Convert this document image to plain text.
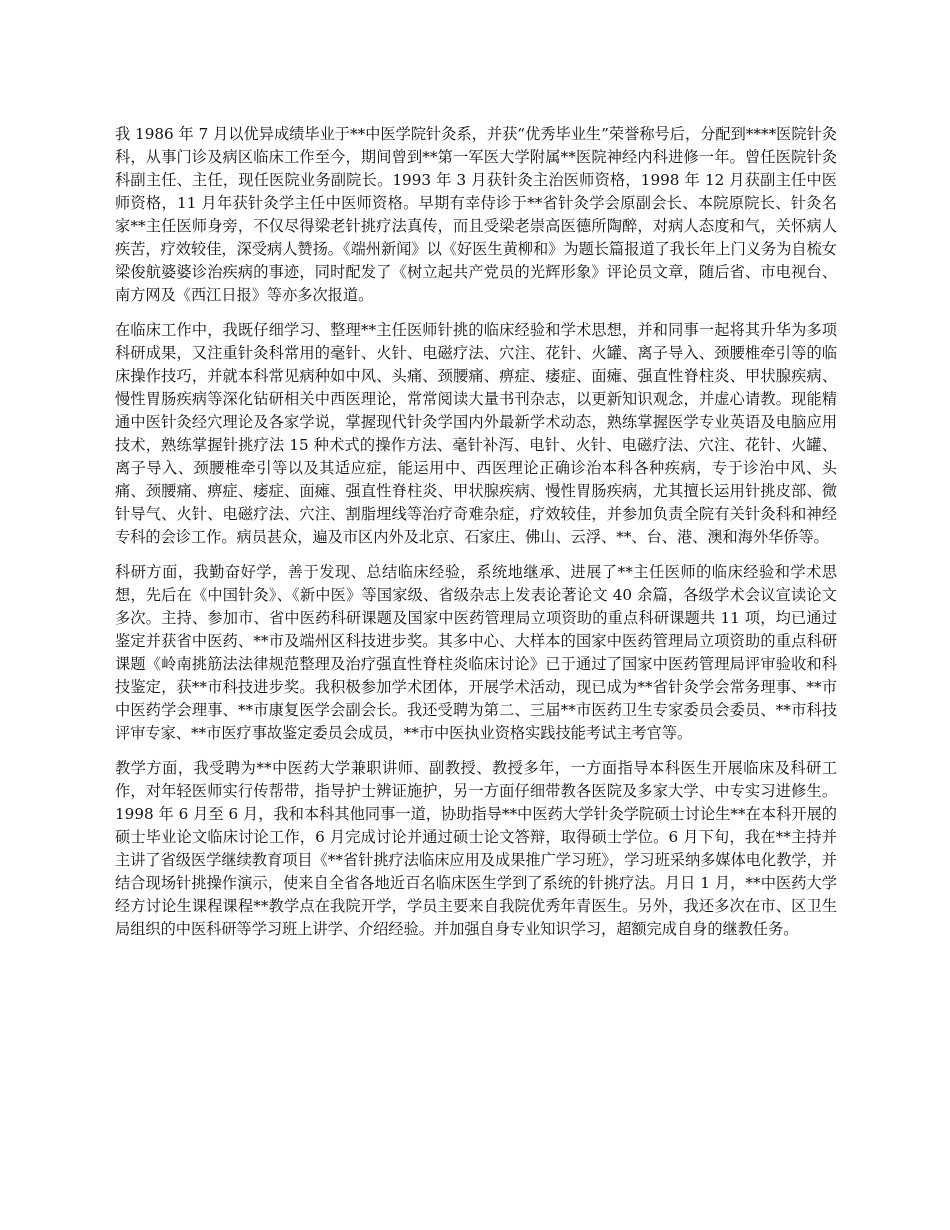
我 1986 年 7 月以优异成绩毕业于**中医学院针灸系，并获“优秀毕业生”荣誉称号后，分配到****医院针灸科，从事门诊及病区临床工作至今，期间曾到**第一军医大学附属**医院神经内科进修一年。曾任医院针灸科副主任、主任，现任医院业务副院长。1993 年 3 月获针灸主治医师资格，1998 年 12 月获副主任中医师资格，11 月年获针灸学主任中医师资格。早期有幸侍诊于**省针灸学会原副会长、本院原院长、针灸名家**主任医师身旁，不仅尽得梁老针挑疗法真传，而且受梁老崇高医德所陶醉，对病人态度和气，关怀病人疾苦，疗效较佳，深受病人赞扬。《端州新闻》以《好医生黄柳和》为题长篇报道了我长年上门义务为自梳女梁俊航婆婆诊治疾病的事迹，同时配发了《树立起共产党员的光辉形象》评论员文章，随后省、市电视台、南方网及《西江日报》等亦多次报道。

在临床工作中，我既仔细学习、整理**主任医师针挑的临床经验和学术思想，并和同事一起将其升华为多项科研成果，又注重针灸科常用的毫针、火针、电磁疗法、穴注、花针、火罐、离子导入、颈腰椎牵引等的临床操作技巧，并就本科常见病种如中风、头痛、颈腰痛、痹症、痿症、面瘫、强直性脊柱炎、甲状腺疾病、慢性胃肠疾病等深化钻研相关中西医理论，常常阅读大量书刊杂志，以更新知识观念，并虚心请教。现能精通中医针灸经穴理论及各家学说，掌握现代针灸学国内外最新学术动态，熟练掌握医学专业英语及电脑应用技术，熟练掌握针挑疗法 15 种术式的操作方法、毫针补泻、电针、火针、电磁疗法、穴注、花针、火罐、离子导入、颈腰椎牵引等以及其适应症，能运用中、西医理论正确诊治本科各种疾病，专于诊治中风、头痛、颈腰痛、痹症、痿症、面瘫、强直性脊柱炎、甲状腺疾病、慢性胃肠疾病，尤其擅长运用针挑皮部、微针导气、火针、电磁疗法、穴注、割脂埋线等治疗奇难杂症，疗效较佳，并参加负责全院有关针灸科和神经专科的会诊工作。病员甚众，遍及市区内外及北京、石家庄、佛山、云浮、**、台、港、澳和海外华侨等。

科研方面，我勤奋好学，善于发现、总结临床经验，系统地继承、进展了**主任医师的临床经验和学术思想，先后在《中国针灸》、《新中医》等国家级、省级杂志上发表论著论文 40 余篇，各级学术会议宣读论文多次。主持、参加市、省中医药科研课题及国家中医药管理局立项资助的重点科研课题共 11 项，均已通过鉴定并获省中医药、**市及端州区科技进步奖。其多中心、大样本的国家中医药管理局立项资助的重点科研课题《岭南挑筋法法律规范整理及治疗强直性脊柱炎临床讨论》已于通过了国家中医药管理局评审验收和科技鉴定，获**市科技进步奖。我积极参加学术团体，开展学术活动，现已成为**省针灸学会常务理事、**市中医药学会理事、**市康复医学会副会长。我还受聘为第二、三届**市医药卫生专家委员会委员、**市科技评审专家、**市医疗事故鉴定委员会成员，**市中医执业资格实践技能考试主考官等。

教学方面，我受聘为**中医药大学兼职讲师、副教授、教授多年，一方面指导本科医生开展临床及科研工作，对年轻医师实行传帮带，指导护士辨证施护，另一方面仔细带教各医院及多家大学、中专实习进修生。1998 年 6 月至 6 月，我和本科其他同事一道，协助指导**中医药大学针灸学院硕士讨论生**在本科开展的硕士毕业论文临床讨论工作，6 月完成讨论并通过硕士论文答辩，取得硕士学位。6 月下旬，我在**主持并主讲了省级医学继续教育项目《**省针挑疗法临床应用及成果推广学习班》，学习班采纳多媒体电化教学，并结合现场针挑操作演示，使来自全省各地近百名临床医生学到了系统的针挑疗法。月日 1 月，**中医药大学经方讨论生课程课程**教学点在我院开学，学员主要来自我院优秀年青医生。另外，我还多次在市、区卫生局组织的中医科研等学习班上讲学、介绍经验。并加强自身专业知识学习，超额完成自身的继教任务。
